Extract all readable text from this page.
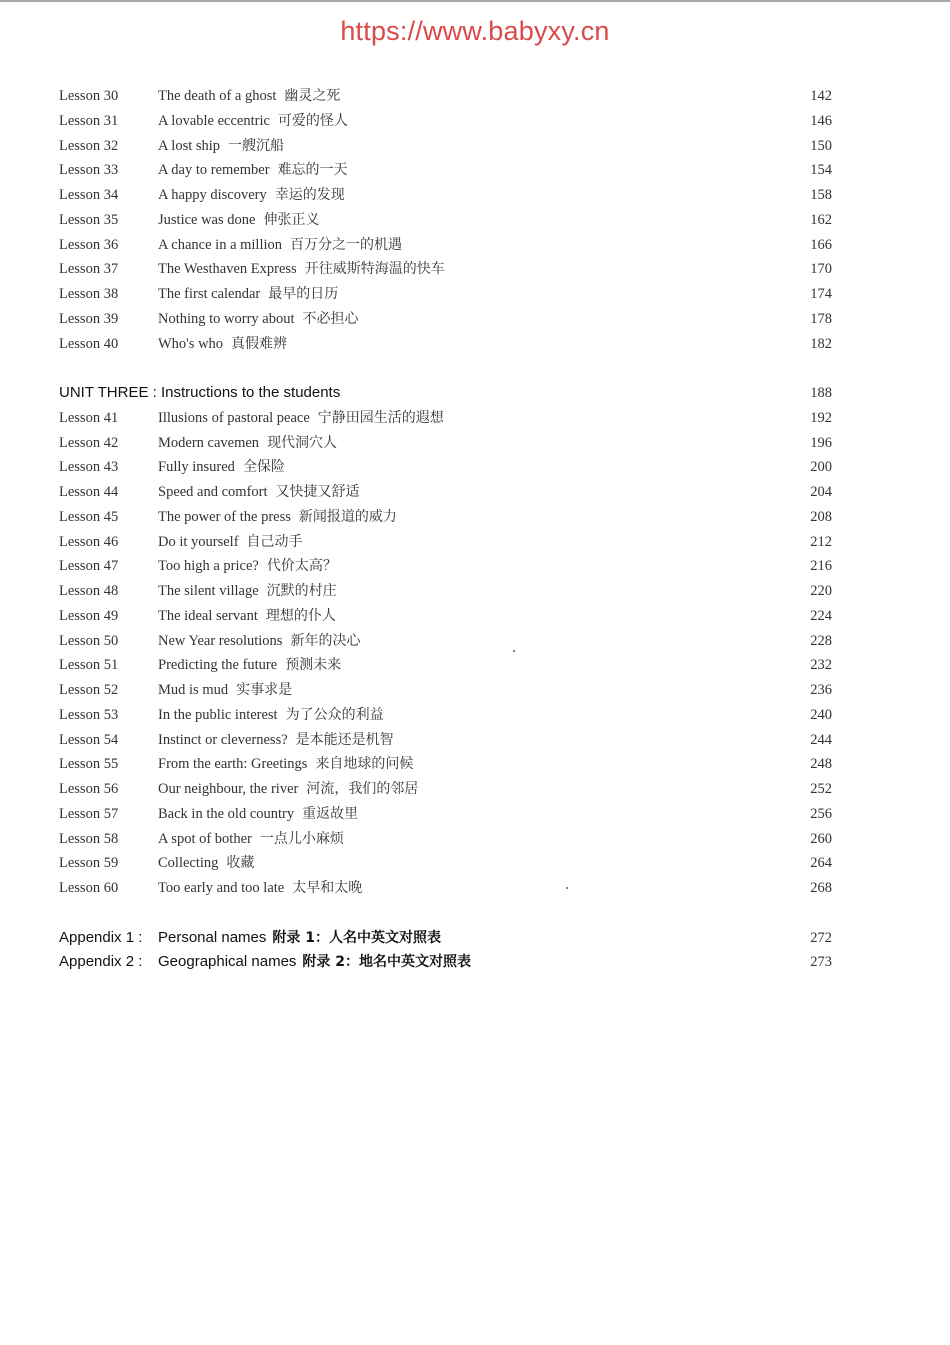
https://www.babyxy.cn
Lesson 30	The death of a ghost 幽灵之死	142
Lesson 31	A lovable eccentric 可爱的怪人	146
Lesson 32	A lost ship 一艘沉船	150
Lesson 33	A day to remember 难忘的一天	154
Lesson 34	A happy discovery 幸运的发现	158
Lesson 35	Justice was done 伸张正义	162
Lesson 36	A chance in a million 百万分之一的机遇	166
Lesson 37	The Westhaven Express 开往威斯特海温的快车	170
Lesson 38	The first calendar 最早的日历	174
Lesson 39	Nothing to worry about 不必担心	178
Lesson 40	Who's who 真假难辨	182
UNIT THREE : Instructions to the students	188
Lesson 41	Illusions of pastoral peace 宁静田园生活的遐想	192
Lesson 42	Modern cavemen 现代洞穴人	196
Lesson 43	Fully insured 全保险	200
Lesson 44	Speed and comfort 又快捷又舒适	204
Lesson 45	The power of the press 新闻报道的威力	208
Lesson 46	Do it yourself 自己动手	212
Lesson 47	Too high a price? 代价太高？	216
Lesson 48	The silent village 沉默的村庄	220
Lesson 49	The ideal servant 理想的仆人	224
Lesson 50	New Year resolutions 新年的决心	228
Lesson 51	Predicting the future 预测未来	232
Lesson 52	Mud is mud 实事求是	236
Lesson 53	In the public interest 为了公众的利益	240
Lesson 54	Instinct or cleverness? 是本能还是机智	244
Lesson 55	From the earth: Greetings 来自地球的问候	248
Lesson 56	Our neighbour, the river 河流，我们的邻居	252
Lesson 57	Back in the old country 重返故里	256
Lesson 58	A spot of bother 一点儿小麻烦	260
Lesson 59	Collecting 收藏	264
Lesson 60	Too early and too late 太早和太晚	268
Appendix 1 : Personal names 附录 1：人名中英文对照表	272
Appendix 2 : Geographical names 附录 2：地名中英文对照表	273
